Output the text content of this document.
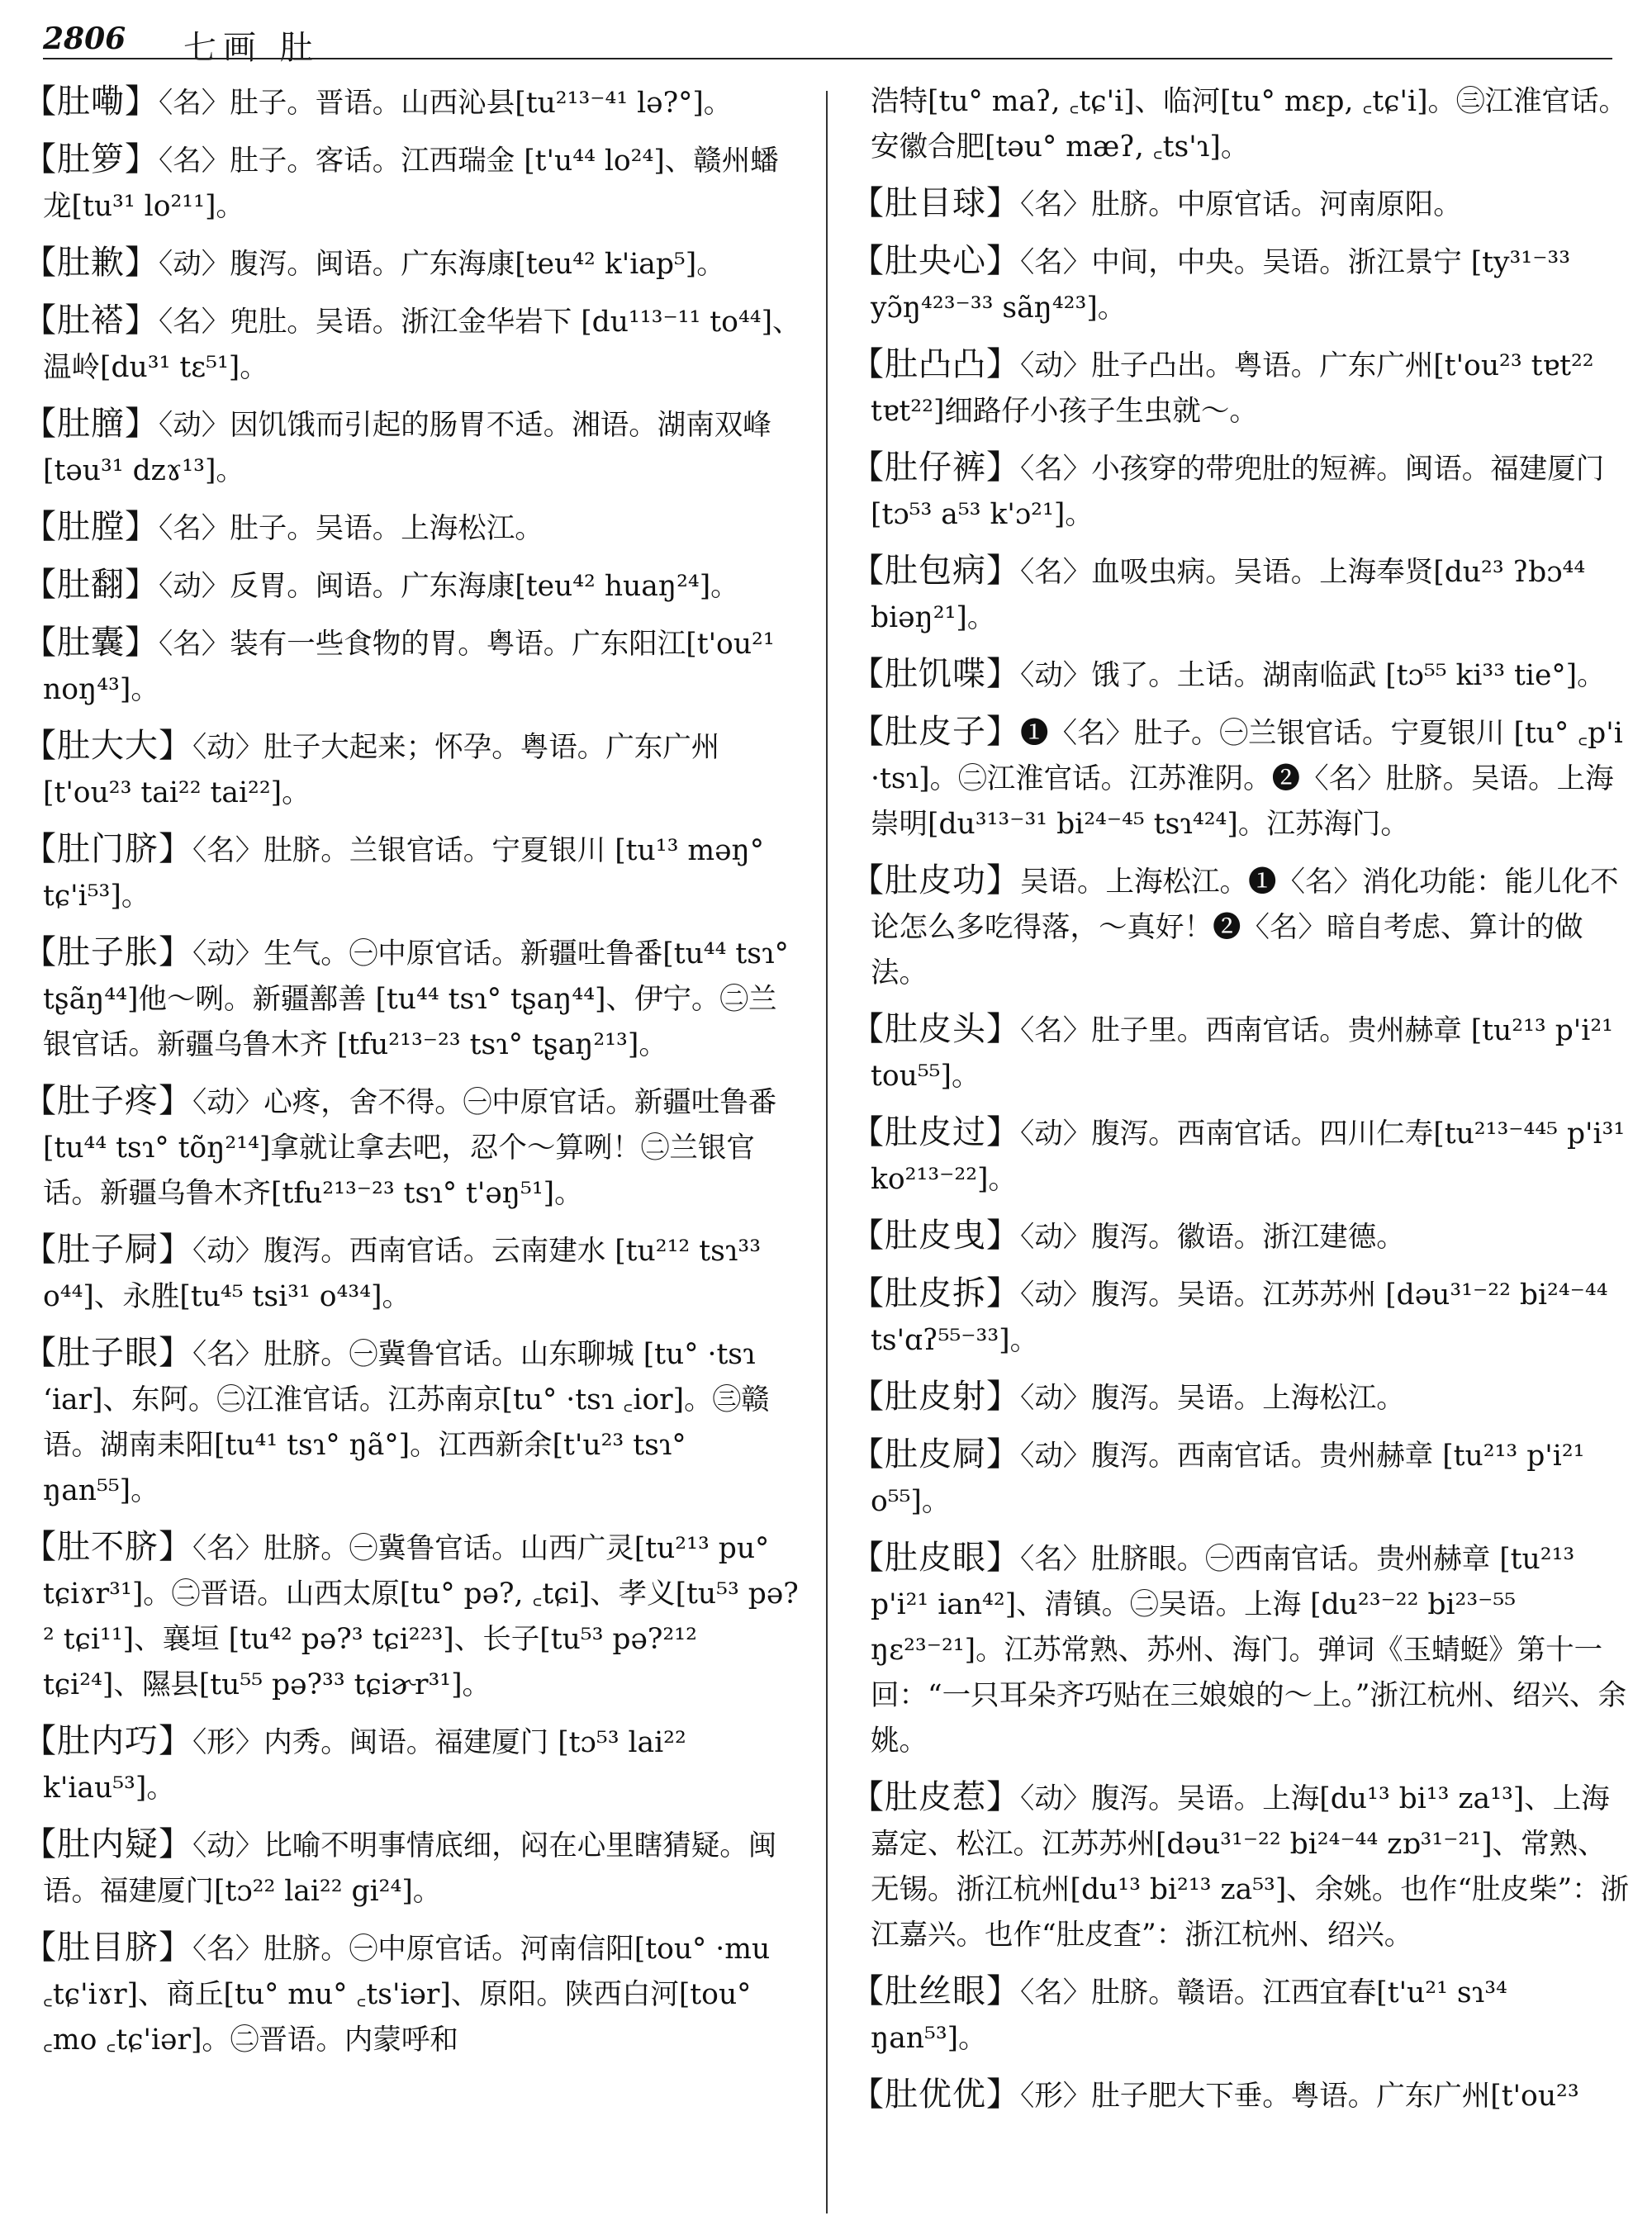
2806 七画 肚
【肚嘞】〈名〉肚子。晋语。山西沁县[tu²¹³⁻⁴¹ lə?°]。
【肚箩】〈名〉肚子。客话。江西瑞金 [t'u⁴⁴ lo²⁴]、赣州蟠龙[tu³¹ lo²¹¹]。
【肚歉】〈动〉腹泻。闽语。广东海康[teu⁴² k'iap⁵]。
【肚褡】〈名〉兜肚。吴语。浙江金华岩下 [du¹¹³⁻¹¹ to⁴⁴]、温岭[du³¹ tɛ⁵¹]。
【肚膪】〈动〉因饥饿而引起的肠胃不适。湘语。湖南双峰[təu³¹ dzɤ¹³]。
【肚膛】〈名〉肚子。吴语。上海松江。
【肚翻】〈动〉反胃。闽语。广东海康[teu⁴² huaŋ²⁴]。
【肚囊】〈名〉装有一些食物的胃。粤语。广东阳江[t'ou²¹ noŋ⁴³]。
【肚大大】〈动〉肚子大起来；怀孕。粤语。广东广州[t'ou²³ tai²² tai²²]。
【肚门脐】〈名〉肚脐。兰银官话。宁夏银川 [tu¹³ məŋ° tɕ'i⁵³]。
【肚子胀】〈动〉生气。㊀中原官话。新疆吐鲁番[tu⁴⁴ tsɿ° tʂãŋ⁴⁴]他～咧。新疆鄯善 [tu⁴⁴ tsɿ° tʂaŋ⁴⁴]、伊宁。㊁兰银官话。新疆乌鲁木齐 [tfu²¹³⁻²³ tsɿ° tʂaŋ²¹³]。
【肚子疼】〈动〉心疼，舍不得。㊀中原官话。新疆吐鲁番[tu⁴⁴ tsɿ° tõŋ²¹⁴]拿就让拿去吧，忍个～算咧！㊁兰银官话。新疆乌鲁木齐[tfu²¹³⁻²³ tsɿ° t'əŋ⁵¹]。
【肚子屙】〈动〉腹泻。西南官话。云南建水 [tu²¹² tsɿ³³ o⁴⁴]、永胜[tu⁴⁵ tsi³¹ o⁴³⁴]。
【肚子眼】〈名〉肚脐。㊀冀鲁官话。山东聊城 [tu° ·tsɿ ʻiar]、东阿。㊁江淮官话。江苏南京[tu° ·tsɿ ꜀ior]。㊂赣语。湖南耒阳[tu⁴¹ tsɿ° ŋã°]。江西新余[t'u²³ tsɿ° ŋan⁵⁵]。
【肚不脐】〈名〉肚脐。㊀冀鲁官话。山西广灵[tu²¹³ pu° tɕiɤr³¹]。㊁晋语。山西太原[tu° pə?, ꜀tɕi]、孝义[tu⁵³ pə?² tɕi¹¹]、襄垣 [tu⁴² pə?³ tɕi²²³]、长子[tu⁵³ pə?²¹² tɕi²⁴]、隰县[tu⁵⁵ pə?³³ tɕiɚr³¹]。
【肚内巧】〈形〉内秀。闽语。福建厦门 [tɔ⁵³ lai²² k'iau⁵³]。
【肚内疑】〈动〉比喻不明事情底细，闷在心里瞎猜疑。闽语。福建厦门[tɔ²² lai²² gi²⁴]。
【肚目脐】〈名〉肚脐。㊀中原官话。河南信阳[tou° ·mu ꜀tɕ'iɤr]、商丘[tu° mu° ꜀ts'iər]、原阳。陕西白河[tou° ꜀mo ꜀tɕ'iər]。㊁晋语。内蒙呼和
浩特[tu° maʔ, ꜀tɕ'i]、临河[tu° mɛp, ꜀tɕ'i]。㊂江淮官话。安徽合肥[təu° mæʔ, ꜀ts'ɿ]。
【肚目球】〈名〉肚脐。中原官话。河南原阳。
【肚央心】〈名〉中间，中央。吴语。浙江景宁 [ty³¹⁻³³ yɔ̃ŋ⁴²³⁻³³ sãŋ⁴²³]。
【肚凸凸】〈动〉肚子凸出。粤语。广东广州[t'ou²³ tɐt²² tɐt²²]细路仔小孩子生虫就～。
【肚仔裤】〈名〉小孩穿的带兜肚的短裤。闽语。福建厦门[tɔ⁵³ a⁵³ k'ɔ²¹]。
【肚包病】〈名〉血吸虫病。吴语。上海奉贤[du²³ ʔbɔ⁴⁴ biəŋ²¹]。
【肚饥喋】〈动〉饿了。土话。湖南临武 [tɔ⁵⁵ ki³³ tie°]。
【肚皮子】❶〈名〉肚子。㊀兰银官话。宁夏银川 [tu° ꜀p'i ·tsɿ]。㊁江淮官话。江苏淮阴。❷〈名〉肚脐。吴语。上海崇明[du³¹³⁻³¹ bi²⁴⁻⁴⁵ tsɿ⁴²⁴]。江苏海门。
【肚皮功】吴语。上海松江。❶〈名〉消化功能：能儿化不论怎么多吃得落，～真好！❷〈名〉暗自考虑、算计的做法。
【肚皮头】〈名〉肚子里。西南官话。贵州赫章 [tu²¹³ p'i²¹ tou⁵⁵]。
【肚皮过】〈动〉腹泻。西南官话。四川仁寿[tu²¹³⁻⁴⁴⁵ p'i³¹ ko²¹³⁻²²]。
【肚皮曳】〈动〉腹泻。徽语。浙江建德。
【肚皮拆】〈动〉腹泻。吴语。江苏苏州 [dəu³¹⁻²² bi²⁴⁻⁴⁴ ts'ɑʔ⁵⁵⁻³³]。
【肚皮射】〈动〉腹泻。吴语。上海松江。
【肚皮屙】〈动〉腹泻。西南官话。贵州赫章 [tu²¹³ p'i²¹ o⁵⁵]。
【肚皮眼】〈名〉肚脐眼。㊀西南官话。贵州赫章 [tu²¹³ p'i²¹ ian⁴²]、清镇。㊁吴语。上海 [du²³⁻²² bi²³⁻⁵⁵ ŋɛ²³⁻²¹]。江苏常熟、苏州、海门。弹词《玉蜻蜓》第十一回：“一只耳朵齐巧贴在三娘娘的～上。”浙江杭州、绍兴、余姚。
【肚皮惹】〈动〉腹泻。吴语。上海[du¹³ bi¹³ za¹³]、上海嘉定、松江。江苏苏州[dəu³¹⁻²² bi²⁴⁻⁴⁴ zɒ³¹⁻²¹]、常熟、无锡。浙江杭州[du¹³ bi²¹³ za⁵³]、余姚。也作“肚皮柴”：浙江嘉兴。也作“肚皮査”：浙江杭州、绍兴。
【肚丝眼】〈名〉肚脐。赣语。江西宜春[t'u²¹ sɿ³⁴ ŋan⁵³]。
【肚优优】〈形〉肚子肥大下垂。粤语。广东广州[t'ou²³
